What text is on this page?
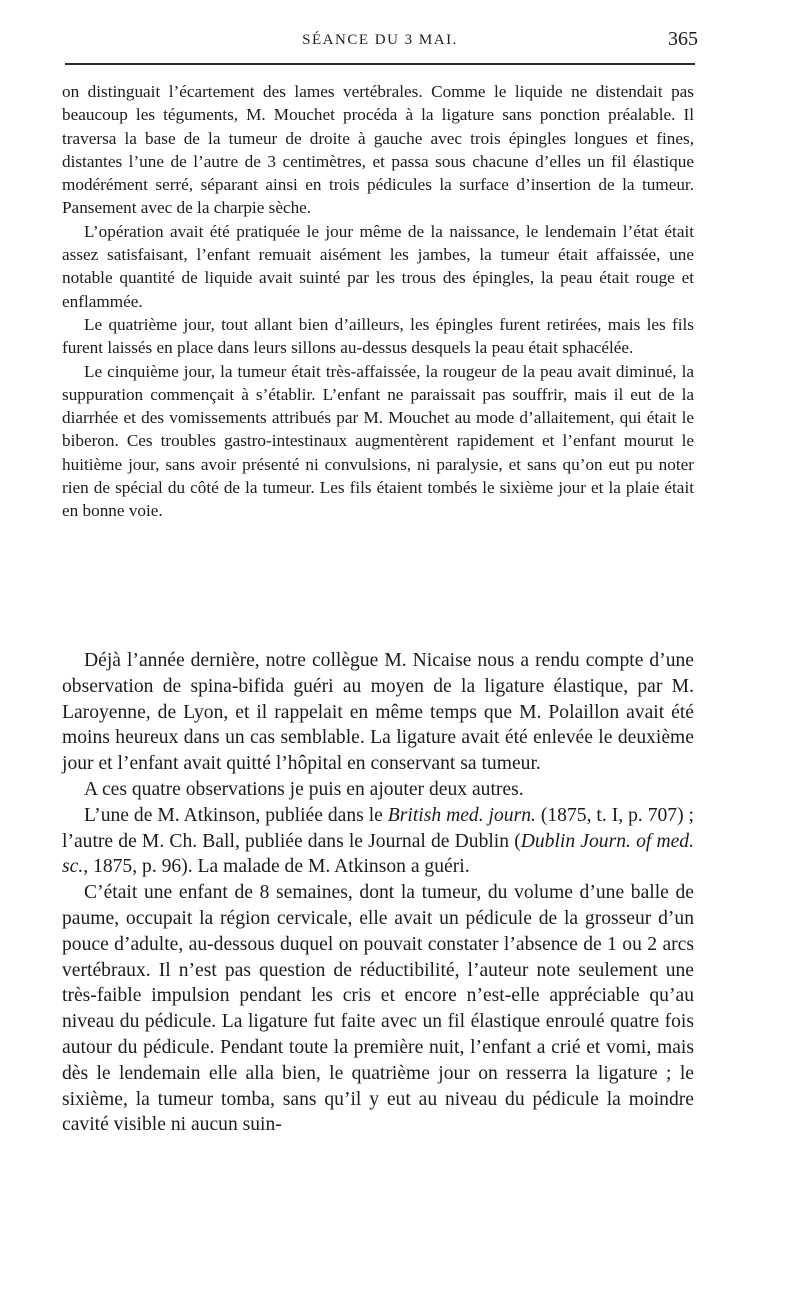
SÉANCE DU 3 MAI.	365

on distinguait l’écartement des lames vertébrales. Comme le liquide ne distendait pas beaucoup les téguments, M. Mouchet procéda à la ligature sans ponction préalable. Il traversa la base de la tumeur de droite à gauche avec trois épingles longues et fines, distantes l’une de l’autre de 3 centimètres, et passa sous chacune d’elles un fil élastique modérément serré, séparant ainsi en trois pédicules la surface d’insertion de la tumeur. Pansement avec de la charpie sèche.

L’opération avait été pratiquée le jour même de la naissance, le lendemain l’état était assez satisfaisant, l’enfant remuait aisément les jambes, la tumeur était affaissée, une notable quantité de liquide avait suinté par les trous des épingles, la peau était rouge et enflammée.

Le quatrième jour, tout allant bien d’ailleurs, les épingles furent retirées, mais les fils furent laissés en place dans leurs sillons au-dessus desquels la peau était sphacélée.

Le cinquième jour, la tumeur était très-affaissée, la rougeur de la peau avait diminué, la suppuration commençait à s’établir. L’enfant ne paraissait pas souffrir, mais il eut de la diarrhée et des vomissements attribués par M. Mouchet au mode d’allaitement, qui était le biberon. Ces troubles gastro-intestinaux augmentèrent rapidement et l’enfant mourut le huitième jour, sans avoir présenté ni convulsions, ni paralysie, et sans qu’on eut pu noter rien de spécial du côté de la tumeur. Les fils étaient tombés le sixième jour et la plaie était en bonne voie.

Déjà l’année dernière, notre collègue M. Nicaise nous a rendu compte d’une observation de spina-bifida guéri au moyen de la ligature élastique, par M. Laroyenne, de Lyon, et il rappelait en même temps que M. Polaillon avait été moins heureux dans un cas semblable. La ligature avait été enlevée le deuxième jour et l’enfant avait quitté l’hôpital en conservant sa tumeur.

A ces quatre observations je puis en ajouter deux autres.

L’une de M. Atkinson, publiée dans le British med. journ. (1875, t. I, p. 707) ; l’autre de M. Ch. Ball, publiée dans le Journal de Dublin (Dublin Journ. of med. sc., 1875, p. 96). La malade de M. Atkinson a guéri.

C’était une enfant de 8 semaines, dont la tumeur, du volume d’une balle de paume, occupait la région cervicale, elle avait un pédicule de la grosseur d’un pouce d’adulte, au-dessous duquel on pouvait constater l’absence de 1 ou 2 arcs vertébraux. Il n’est pas question de réductibilité, l’auteur note seulement une très-faible impulsion pendant les cris et encore n’est-elle appréciable qu’au niveau du pédicule. La ligature fut faite avec un fil élastique enroulé quatre fois autour du pédicule. Pendant toute la première nuit, l’enfant a crié et vomi, mais dès le lendemain elle alla bien, le quatrième jour on resserra la ligature ; le sixième, la tumeur tomba, sans qu’il y eut au niveau du pédicule la moindre cavité visible ni aucun suin-
